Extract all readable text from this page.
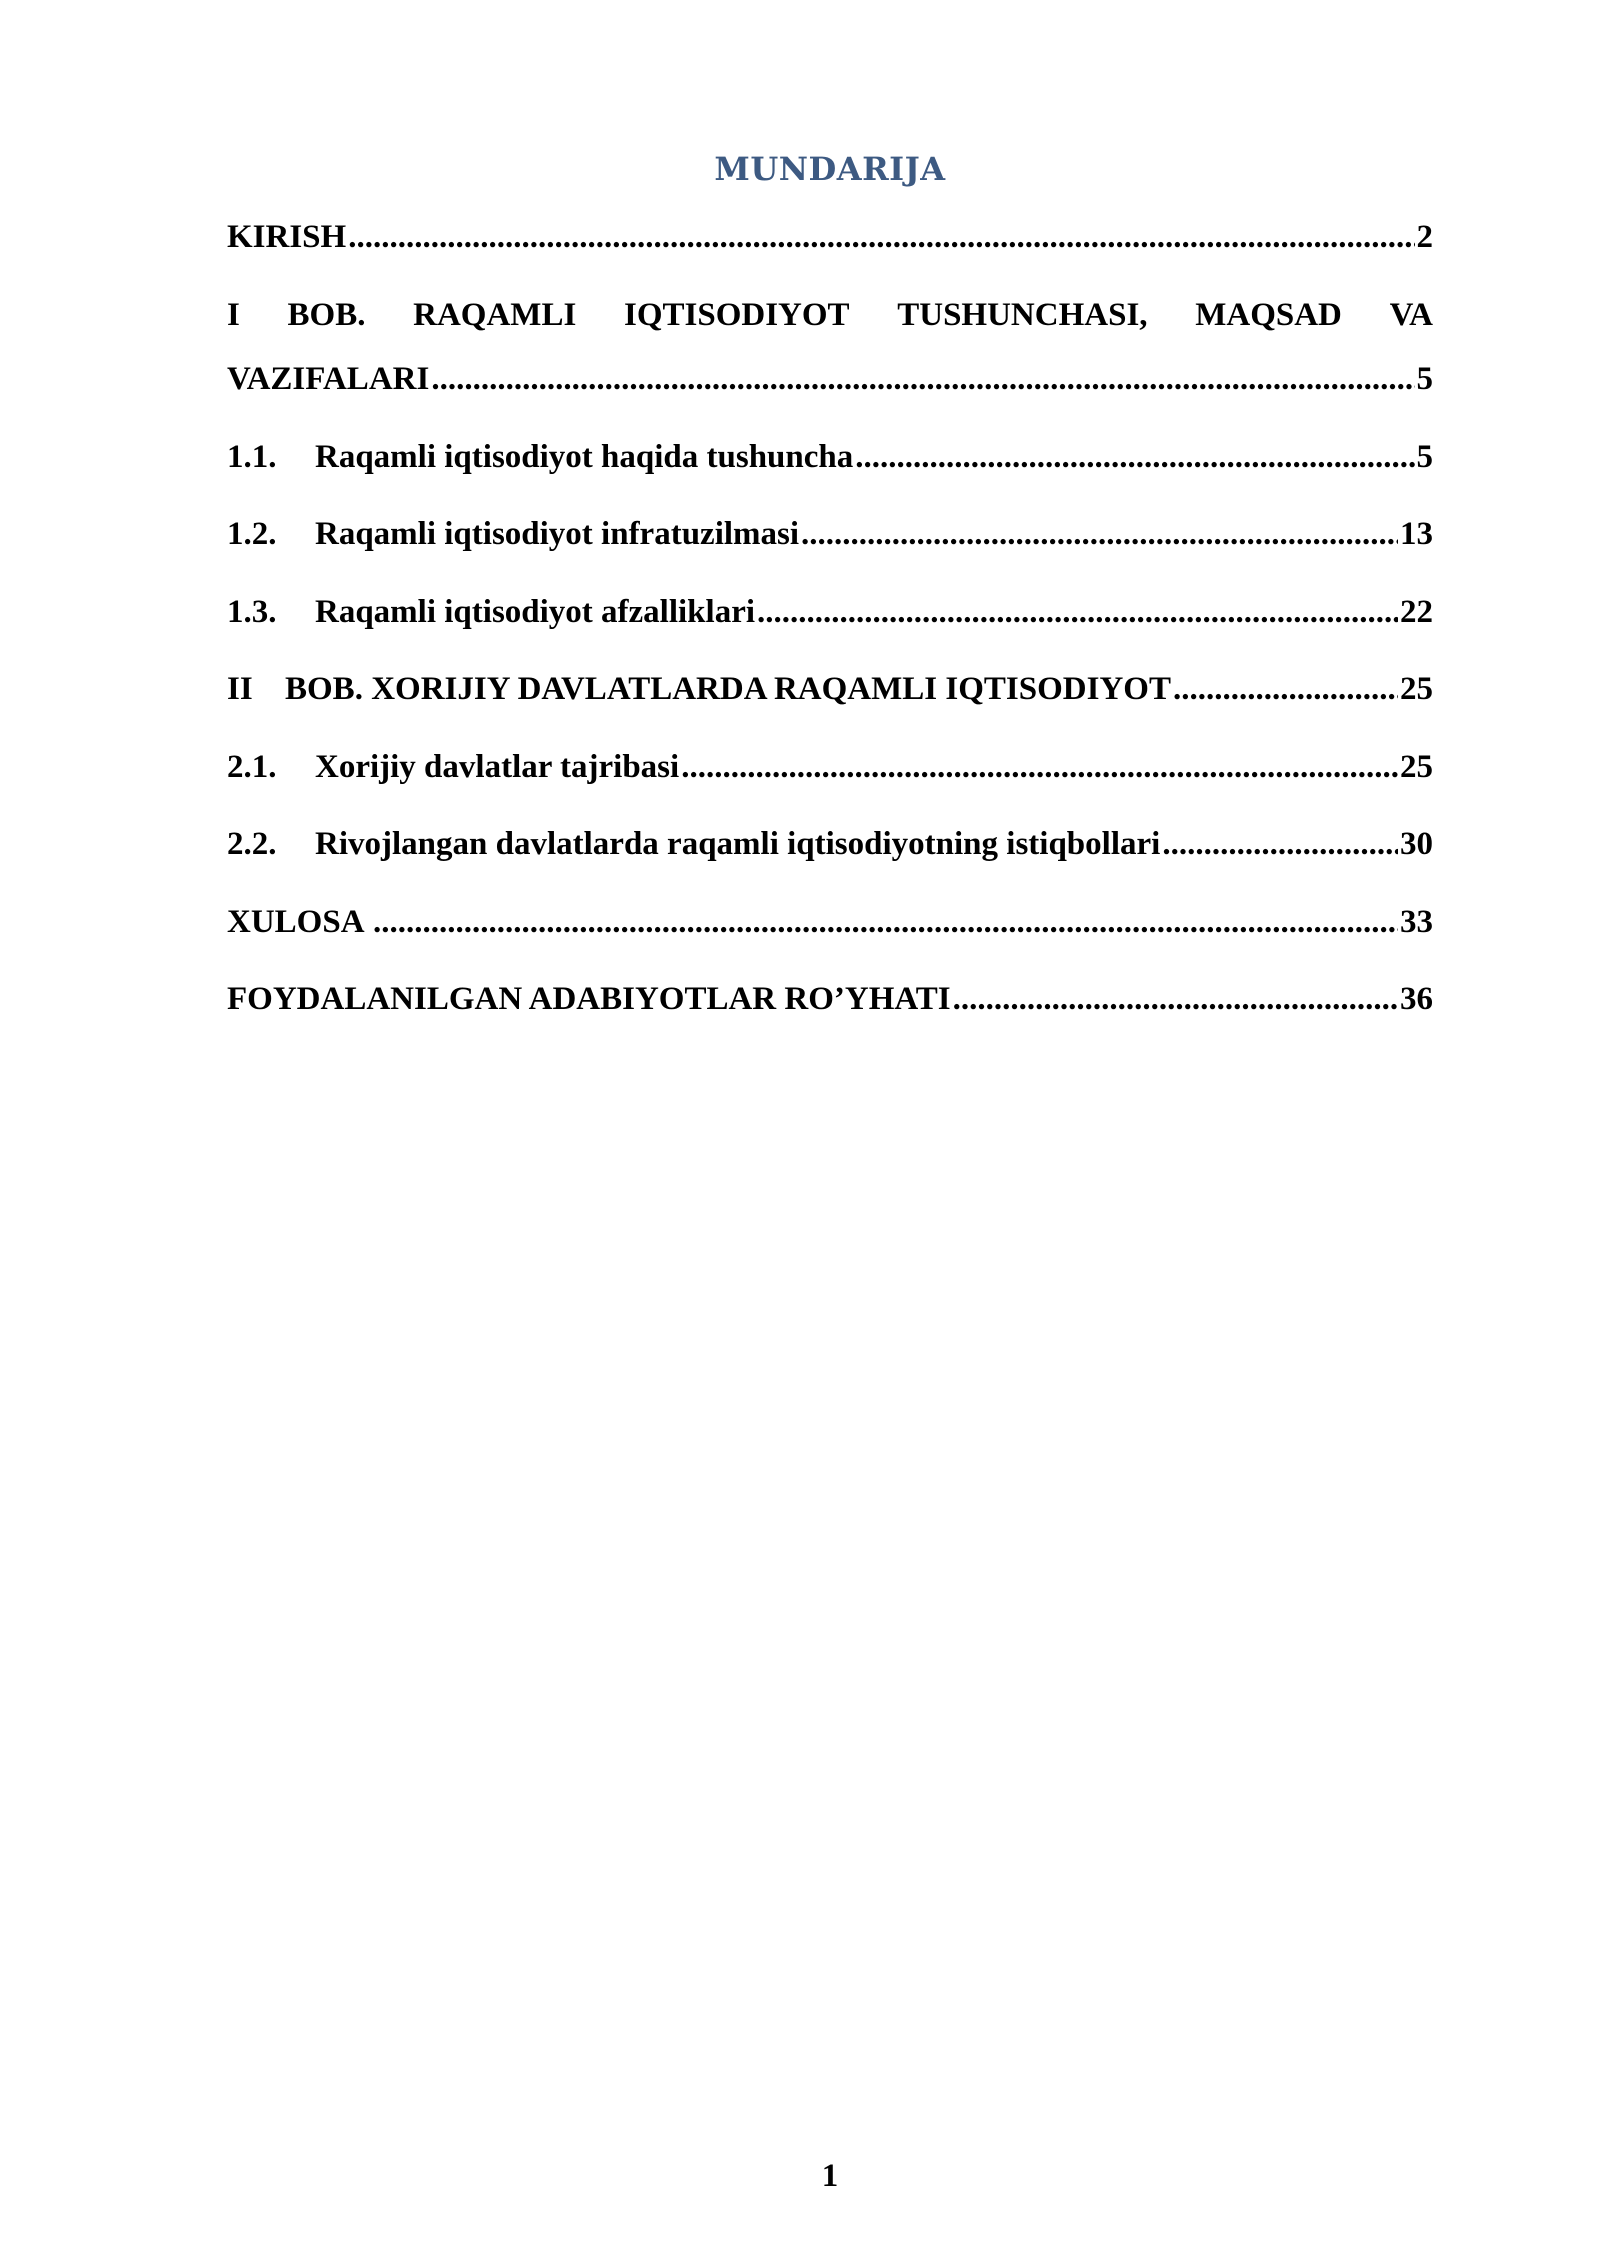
MUNDARIJA
KIRISH .....	2
I BOB. RAQAMLI IQTISODIYOT TUSHUNCHASI, MAQSAD VA
VAZIFALARI .....	5
1.1.	Raqamli iqtisodiyot haqida tushuncha .....	5
1.2.	Raqamli iqtisodiyot infratuzilmasi .....	13
1.3.	Raqamli iqtisodiyot afzalliklari .....	22
II BOB. XORIJIY DAVLATLARDA RAQAMLI IQTISODIYOT .....	25
2.1.	Xorijiy davlatlar tajribasi .....	25
2.2.	Rivojlangan davlatlarda raqamli iqtisodiyotning istiqbollari .....	30
XULOSA .....	33
FOYDALANILGAN ADABIYOTLAR RO’YHATI .....	36
1
